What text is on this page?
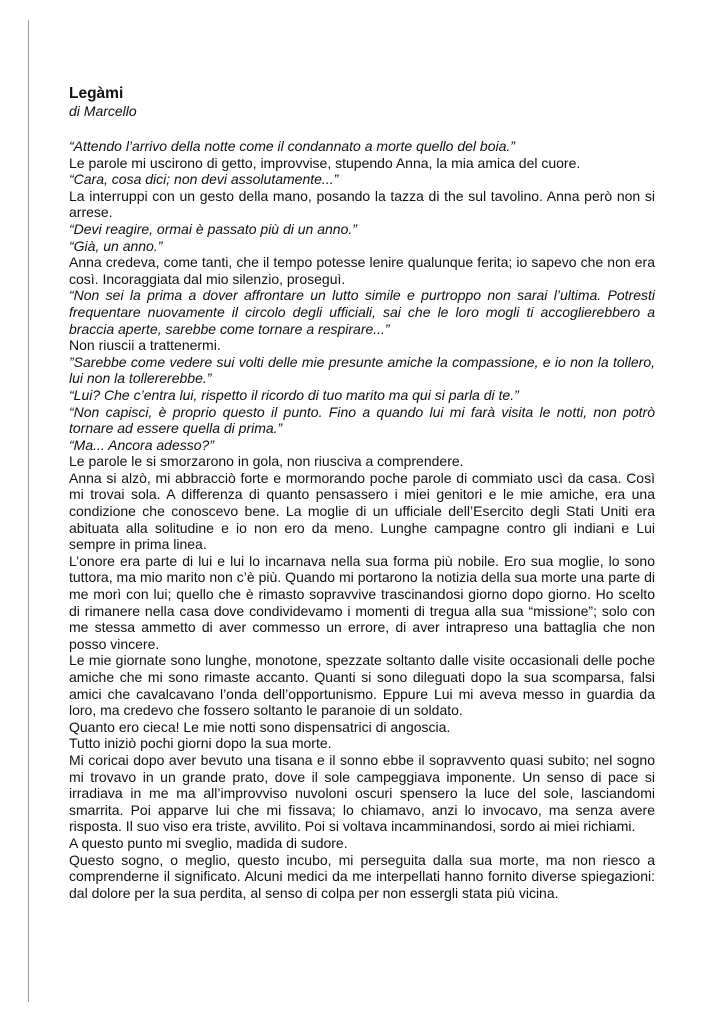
Legàmi
di Marcello

“Attendo l’arrivo della notte come il condannato a morte quello del boia.”

Le parole mi uscirono di getto, improvvise, stupendo Anna, la mia amica del cuore.

“Cara, cosa dici; non devi assolutamente...”

La interruppi con un gesto della mano, posando la tazza di the sul tavolino. Anna però non si arrese.

“Devi reagire, ormai è passato più di un anno.”

“Già, un anno.”

Anna credeva, come tanti, che il tempo potesse lenire qualunque ferita; io sapevo che non era così. Incoraggiata dal mio silenzio, proseguì.

“Non sei la prima a dover affrontare un lutto simile e purtroppo non sarai l’ultima. Potresti frequentare nuovamente il circolo degli ufficiali, sai che le loro mogli ti accoglierebbero a braccia aperte, sarebbe come tornare a respirare...”

Non riuscii a trattenermi.

”Sarebbe come vedere sui volti delle mie presunte amiche la compassione, e io non la tollero, lui non la tollererebbe.”

“Lui? Che c’entra lui, rispetto il ricordo di tuo marito ma qui si parla di te.”

“Non capisci, è proprio questo il punto. Fino a quando lui mi farà visita le notti, non potrò tornare ad essere quella di prima.”

“Ma... Ancora adesso?”

Le parole le si smorzarono in gola, non riusciva a comprendere.

Anna si alzò, mi abbracciò forte e mormorando poche parole di commiato uscì da casa. Così mi trovai sola. A differenza di quanto pensassero i miei genitori e le mie amiche, era una condizione che conoscevo bene. La moglie di un ufficiale dell’Esercito degli Stati Uniti era abituata alla solitudine e io non ero da meno. Lunghe campagne contro gli indiani e Lui sempre in prima linea.

L’onore era parte di lui e lui lo incarnava nella sua forma più nobile. Ero sua moglie, lo sono tuttora, ma mio marito non c’è più. Quando mi portarono la notizia della sua morte una parte di me morì con lui; quello che è rimasto sopravvive trascinandosi giorno dopo giorno. Ho scelto di rimanere nella casa dove condividevamo i momenti di tregua alla sua “missione”; solo con me stessa ammetto di aver commesso un errore, di aver intrapreso una battaglia che non posso vincere.

Le mie giornate sono lunghe, monotone, spezzate soltanto dalle visite occasionali delle poche amiche che mi sono rimaste accanto. Quanti si sono dileguati dopo la sua scomparsa, falsi amici che cavalcavano l’onda dell’opportunismo. Eppure Lui mi aveva messo in guardia da loro, ma credevo che fossero soltanto le paranoie di un soldato.

Quanto ero cieca! Le mie notti sono dispensatrici di angoscia.

Tutto iniziò pochi giorni dopo la sua morte.

Mi coricai dopo aver bevuto una tisana e il sonno ebbe il sopravvento quasi subito; nel sogno mi trovavo in un grande prato, dove il sole campeggiava imponente. Un senso di pace si irradiava in me ma all’improvviso nuvoloni oscuri spensero la luce del sole, lasciandomi smarrita. Poi apparve lui che mi fissava; lo chiamavo, anzi lo invocavo, ma senza avere risposta. Il suo viso era triste, avvilito. Poi si voltava incamminandosi, sordo ai miei richiami.

A questo punto mi sveglio, madida di sudore.

Questo sogno, o meglio, questo incubo, mi perseguita dalla sua morte, ma non riesco a comprenderne il significato. Alcuni medici da me interpellati hanno fornito diverse spiegazioni: dal dolore per la sua perdita, al senso di colpa per non essergli stata più vicina.
